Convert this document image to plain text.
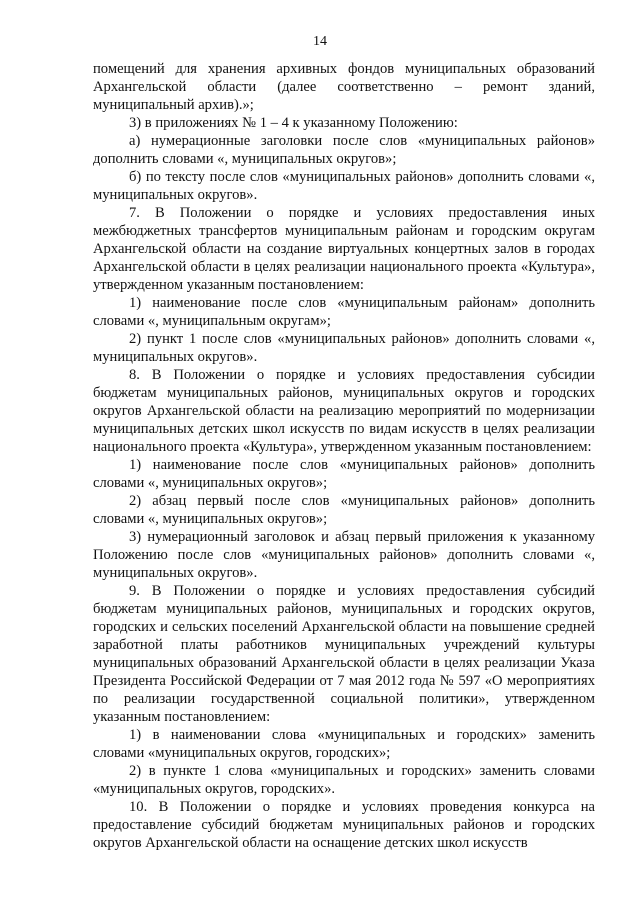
14

помещений для хранения архивных фондов муниципальных образований Архангельской области (далее соответственно – ремонт зданий, муниципальный архив).»;

3) в приложениях № 1 – 4 к указанному Положению:

а) нумерационные заголовки после слов «муниципальных районов» дополнить словами «, муниципальных округов»;

б) по тексту после слов «муниципальных районов» дополнить словами «, муниципальных округов».

7. В Положении о порядке и условиях предоставления иных межбюджетных трансфертов муниципальным районам и городским округам Архангельской области на создание виртуальных концертных залов в городах Архангельской области в целях реализации национального проекта «Культура», утвержденном указанным постановлением:

1) наименование после слов «муниципальным районам» дополнить словами «, муниципальным округам»;

2) пункт 1 после слов «муниципальных районов» дополнить словами «, муниципальных округов».

8. В Положении о порядке и условиях предоставления субсидии бюджетам муниципальных районов, муниципальных округов и городских округов Архангельской области на реализацию мероприятий по модернизации муниципальных детских школ искусств по видам искусств в целях реализации национального проекта «Культура», утвержденном указанным постановлением:

1) наименование после слов «муниципальных районов» дополнить словами «, муниципальных округов»;

2) абзац первый после слов «муниципальных районов» дополнить словами «, муниципальных округов»;

3) нумерационный заголовок и абзац первый приложения к указанному Положению после слов «муниципальных районов» дополнить словами «, муниципальных округов».

9. В Положении о порядке и условиях предоставления субсидий бюджетам муниципальных районов, муниципальных и городских округов, городских и сельских поселений Архангельской области на повышение средней заработной платы работников муниципальных учреждений культуры муниципальных образований Архангельской области в целях реализации Указа Президента Российской Федерации от 7 мая 2012 года № 597 «О мероприятиях по реализации государственной социальной политики», утвержденном указанным постановлением:

1) в наименовании слова «муниципальных и городских» заменить словами «муниципальных округов, городских»;

2) в пункте 1 слова «муниципальных и городских» заменить словами «муниципальных округов, городских».

10. В Положении о порядке и условиях проведения конкурса на предоставление субсидий бюджетам муниципальных районов и городских округов Архангельской области на оснащение детских школ искусств
